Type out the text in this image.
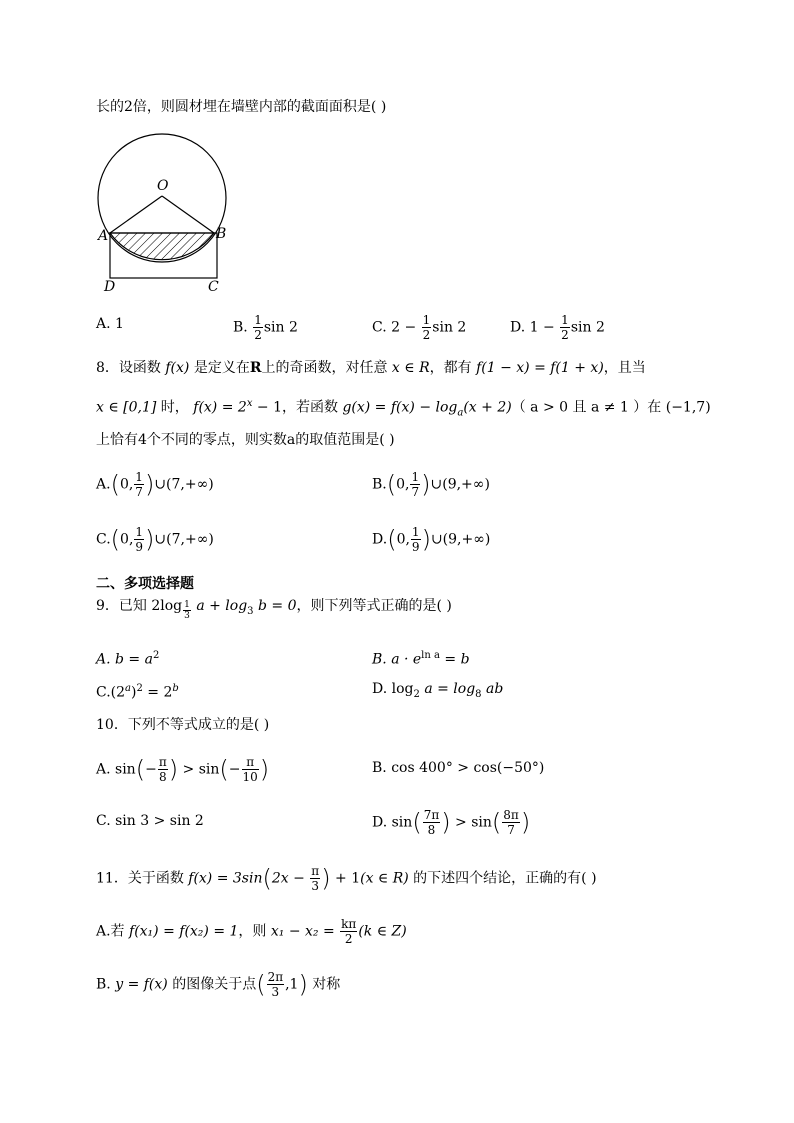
长的2倍，则圆材埋在墙壁内部的截面面积是( )
O
A	B
D	C
A. 1	B. $\frac{1}{2}$ sin 2	C. $2 - \frac{1}{2}$ sin 2	D. $1 - \frac{1}{2}$ sin 2
8．设函数 f(x) 是定义在R上的奇函数，对任意 x ∈ R，都有 f(1 − x) = f(1 + x)，且当
x ∈ [0,1] 时， $f(x) = 2^x - 1$，若函数 $g(x) = f(x) - \log_a(x + 2)$（ a > 0 且 a ≠ 1 ）在 (−1,7)
上恰有4个不同的零点，则实数a的取值范围是( )
A.(0, $\frac{1}{7}$ )∪(7,+∞)	B.(0, $\frac{1}{7}$ )∪(9,+∞)
C.(0, $\frac{1}{9}$ )∪(7,+∞)	D.(0, $\frac{1}{9}$ )∪(9,+∞)
二、多项选择题
9．已知 $2\log \frac{1}{3}$ $a + \log_3 b = 0$，则下列等式正确的是( )
A. $b = a^2$	B. $a \cdot e^{ln a} = b$
$C.(2^a)^2 = 2^b$	D. $\log_2 a = \log_8$ ab
10．下列不等式成立的是( )
A. $\sin(- \frac{\pi}{8}$ ) > $\sin(- \frac{\pi}{10}$ )	B. cos 400° > cos(−50°)
C. sin 3 > sin 2	D. $\sin( \frac{7\pi}{8}$ ) > $\sin( \frac{8\pi}{7}$ )
11．关于函数 $f(x) = 3\sin(2x - \frac{\pi}{3}$ ) + 1(x ∈ R) 的下述四个结论，正确的有( )
A.若 f(x₁) = f(x₂) = 1，则 $x_1 - x_2 = \frac{k\pi}{2} (k$ ∈ Z)
B. y = f(x) 的图像关于点( $\frac{2\pi}{3} ,1$) 对称
